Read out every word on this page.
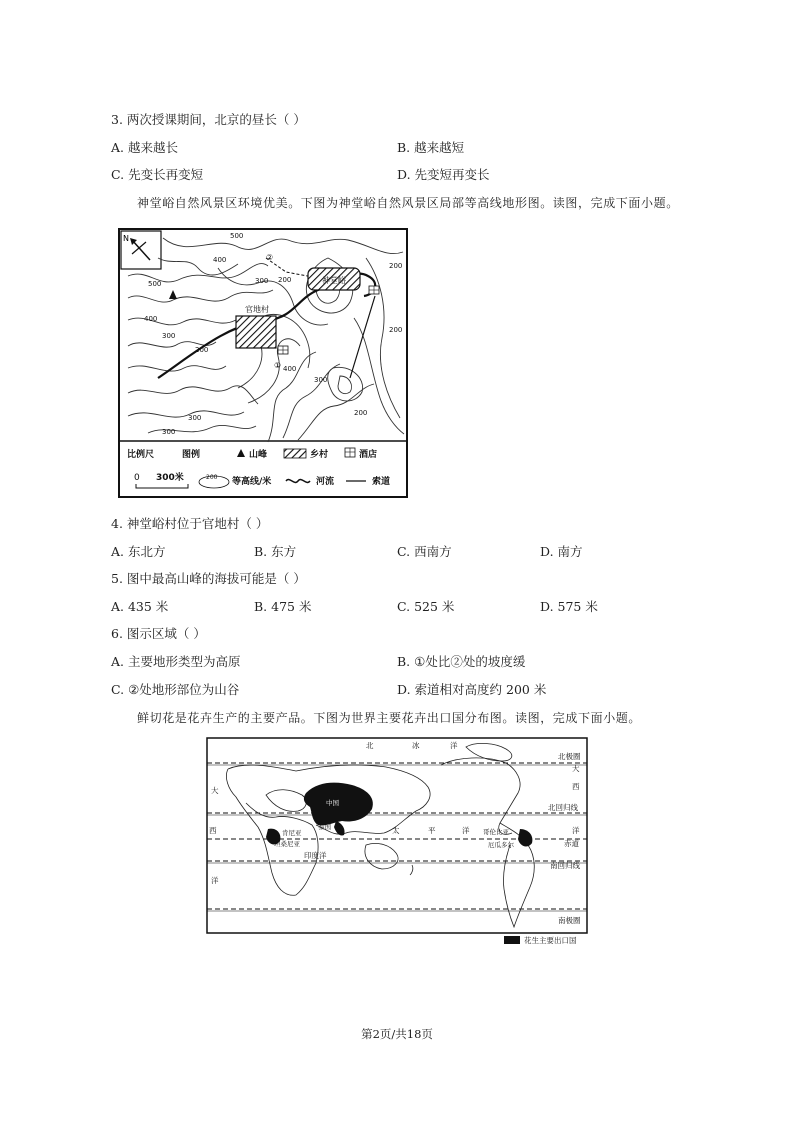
3. 两次授课期间，北京的昼长（ ）
A. 越来越长	B. 越来越短
C. 先变长再变短	D. 先变短再变长
神堂峪自然风景区环境优美。下图为神堂峪自然风景区局部等高线地形图。读图，完成下面小题。
N
神堂峪
官地村
②
①
500
400
500	300 200
200
200
400
300
200
400
300
200
300
300
比例尺	图例	山峰	乡村	酒店
0 300米	200 等高线/米	河流	索道
4. 神堂峪村位于官地村（ ）
A. 东北方	B. 东方	C. 西南方	D. 南方
5. 图中最高山峰的海拔可能是（ ）
A. 435 米	B. 475 米	C. 525 米	D. 575 米
6. 图示区域（ ）
A. 主要地形类型为高原	B. ①处比②处的坡度缓
C. ②处地形部位为山谷	D. 索道相对高度约 200 米
鲜切花是花卉生产的主要产品。下图为世界主要花卉出口国分布图。读图，完成下面小题。
北	冰	洋
北极圈
北回归线
赤道
南回归线
南极圈
大
西
洋
大
西
洋
太	平	洋
印度洋
中国
泰国
肯尼亚
坦桑尼亚
哥伦比亚
厄瓜多尔
花生主要出口国
第2页/共18页
